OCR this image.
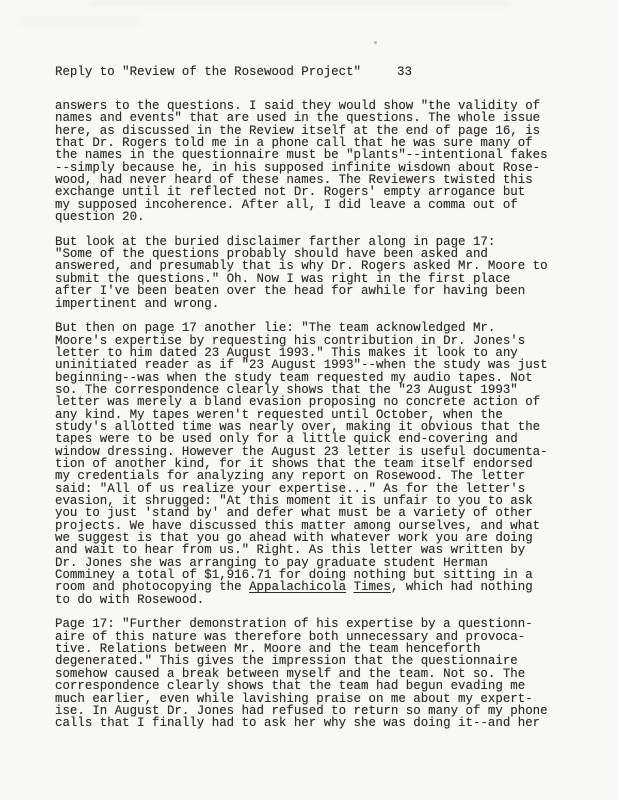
Reply to "Review of the Rosewood Project"	33
answers to the questions. I said they would show "the validity of
names and events" that are used in the questions. The whole issue
here, as discussed in the Review itself at the end of page 16, is
that Dr. Rogers told me in a phone call that he was sure many of
the names in the questionnaire must be "plants"--intentional fakes
--simply because he, in his supposed infinite wisdown about Rose-
wood, had never heard of these names. The Reviewers twisted this
exchange until it reflected not Dr. Rogers' empty arrogance but
my supposed incoherence. After all, I did leave a comma out of
question 20.
But look at the buried disclaimer farther along in page 17:
"Some of the questions probably should have been asked and
answered, and presumably that is why Dr. Rogers asked Mr. Moore to
submit the questions." Oh. Now I was right in the first place
after I've been beaten over the head for awhile for having been
impertinent and wrong.
But then on page 17 another lie: "The team acknowledged Mr.
Moore's expertise by requesting his contribution in Dr. Jones's
letter to him dated 23 August 1993." This makes it look to any
uninitiated reader as if "23 August 1993"--when the study was just
beginning--was when the study team requested my audio tapes. Not
so. The correspondence clearly shows that the "23 August 1993"
letter was merely a bland evasion proposing no concrete action of
any kind. My tapes weren't requested until October, when the
study's allotted time was nearly over, making it obvious that the
tapes were to be used only for a little quick end-covering and
window dressing. However the August 23 letter is useful documenta-
tion of another kind, for it shows that the team itself endorsed
my credentials for analyzing any report on Rosewood. The letter
said: "All of us realize your expertise..." As for the letter's
evasion, it shrugged: "At this moment it is unfair to you to ask
you to just 'stand by' and defer what must be a variety of other
projects. We have discussed this matter among ourselves, and what
we suggest is that you go ahead with whatever work you are doing
and wait to hear from us." Right. As this letter was written by
Dr. Jones she was arranging to pay graduate student Herman
Comminey a total of $1,916.71 for doing nothing but sitting in a
room and photocopying the Appalachicola Times, which had nothing
to do with Rosewood.
Page 17: "Further demonstration of his expertise by a questionn-
aire of this nature was therefore both unnecessary and provoca-
tive. Relations between Mr. Moore and the team henceforth
degenerated." This gives the impression that the questionnaire
somehow caused a break between myself and the team. Not so. The
correspondence clearly shows that the team had begun evading me
much earlier, even while lavishing praise on me about my expert-
ise. In August Dr. Jones had refused to return so many of my phone
calls that I finally had to ask her why she was doing it--and her
